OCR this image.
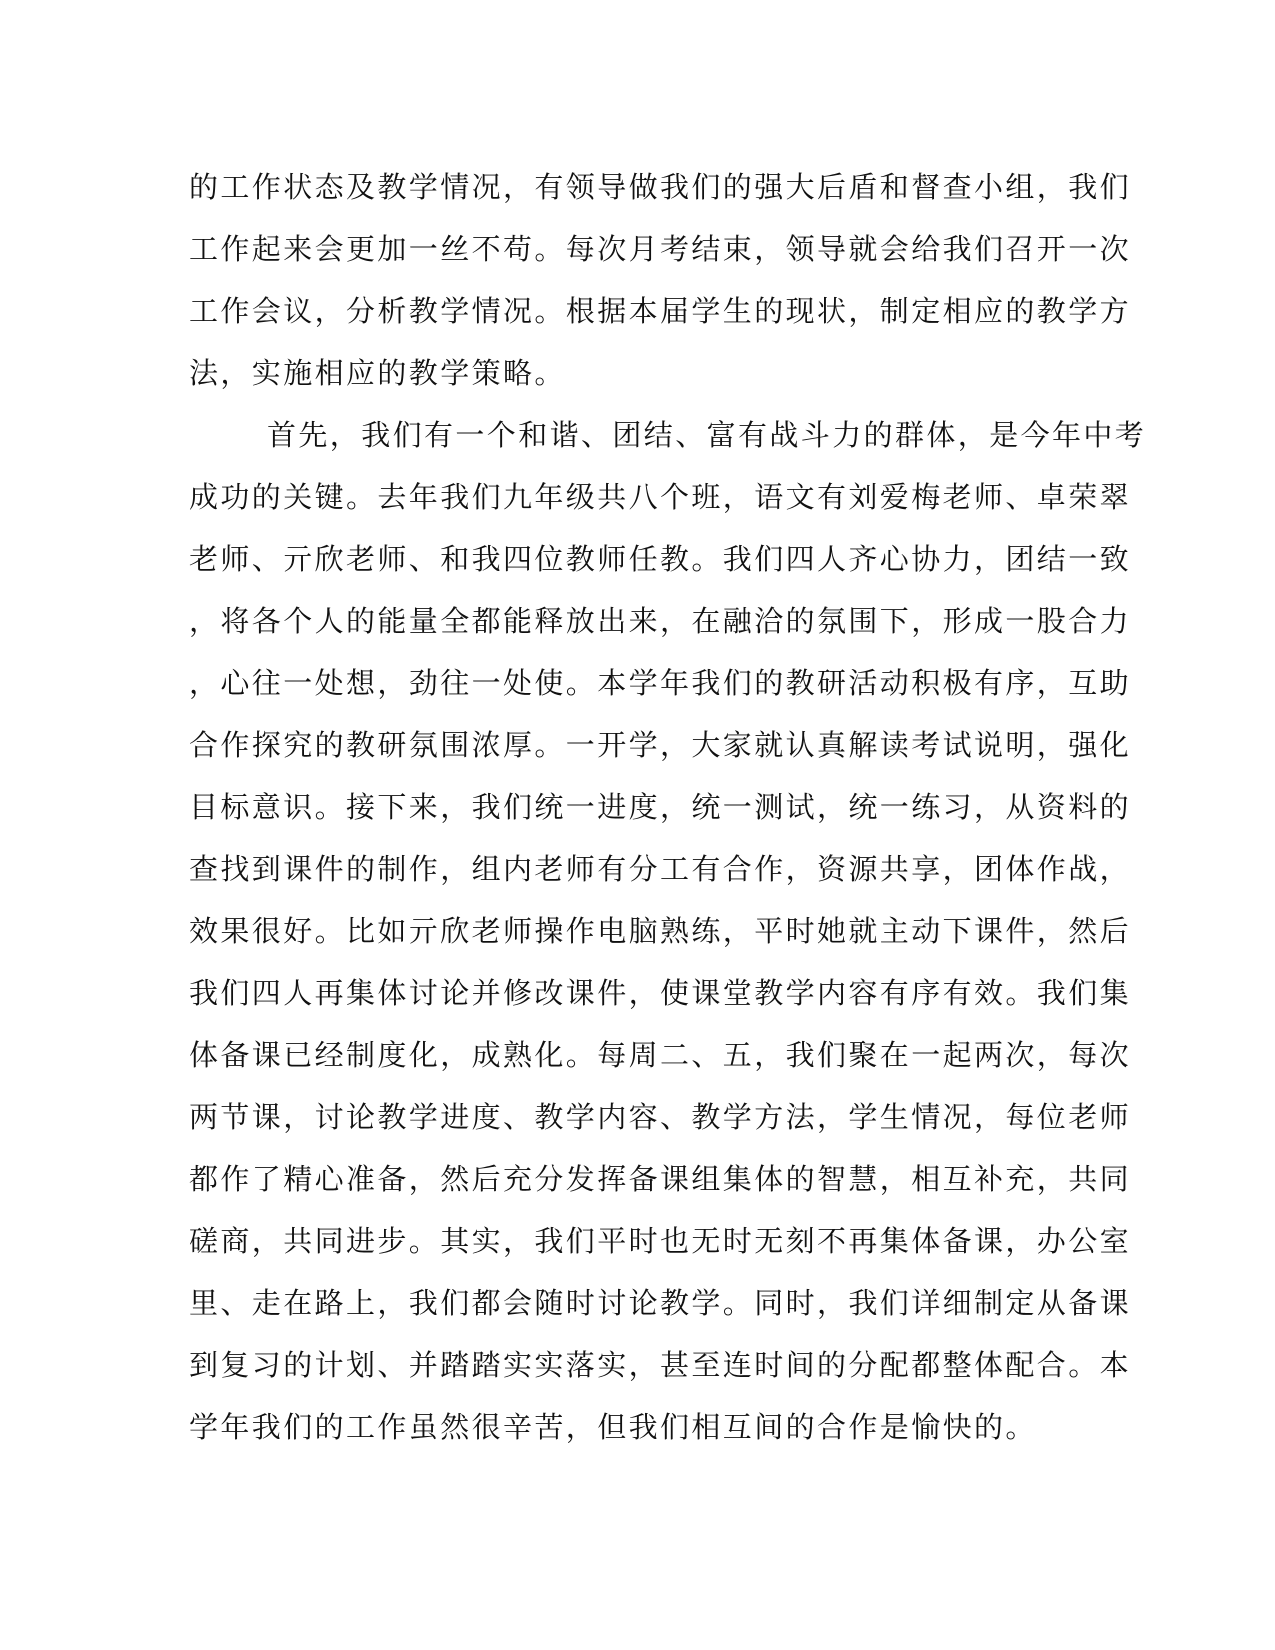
的工作状态及教学情况，有领导做我们的强大后盾和督查小组，我们
工作起来会更加一丝不苟。每次月考结束，领导就会给我们召开一次
工作会议，分析教学情况。根据本届学生的现状，制定相应的教学方
法，实施相应的教学策略。
首先，我们有一个和谐、团结、富有战斗力的群体，是今年中考
成功的关键。去年我们九年级共八个班，语文有刘爱梅老师、卓荣翠
老师、亓欣老师、和我四位教师任教。我们四人齐心协力，团结一致
，将各个人的能量全都能释放出来，在融洽的氛围下，形成一股合力
，心往一处想，劲往一处使。本学年我们的教研活动积极有序，互助
合作探究的教研氛围浓厚。一开学，大家就认真解读考试说明，强化
目标意识。接下来，我们统一进度，统一测试，统一练习，从资料的
查找到课件的制作，组内老师有分工有合作，资源共享，团体作战，
效果很好。比如亓欣老师操作电脑熟练，平时她就主动下课件，然后
我们四人再集体讨论并修改课件，使课堂教学内容有序有效。我们集
体备课已经制度化，成熟化。每周二、五，我们聚在一起两次，每次
两节课，讨论教学进度、教学内容、教学方法，学生情况，每位老师
都作了精心准备，然后充分发挥备课组集体的智慧，相互补充，共同
磋商，共同进步。其实，我们平时也无时无刻不再集体备课，办公室
里、走在路上，我们都会随时讨论教学。同时，我们详细制定从备课
到复习的计划、并踏踏实实落实，甚至连时间的分配都整体配合。本
学年我们的工作虽然很辛苦，但我们相互间的合作是愉快的。
